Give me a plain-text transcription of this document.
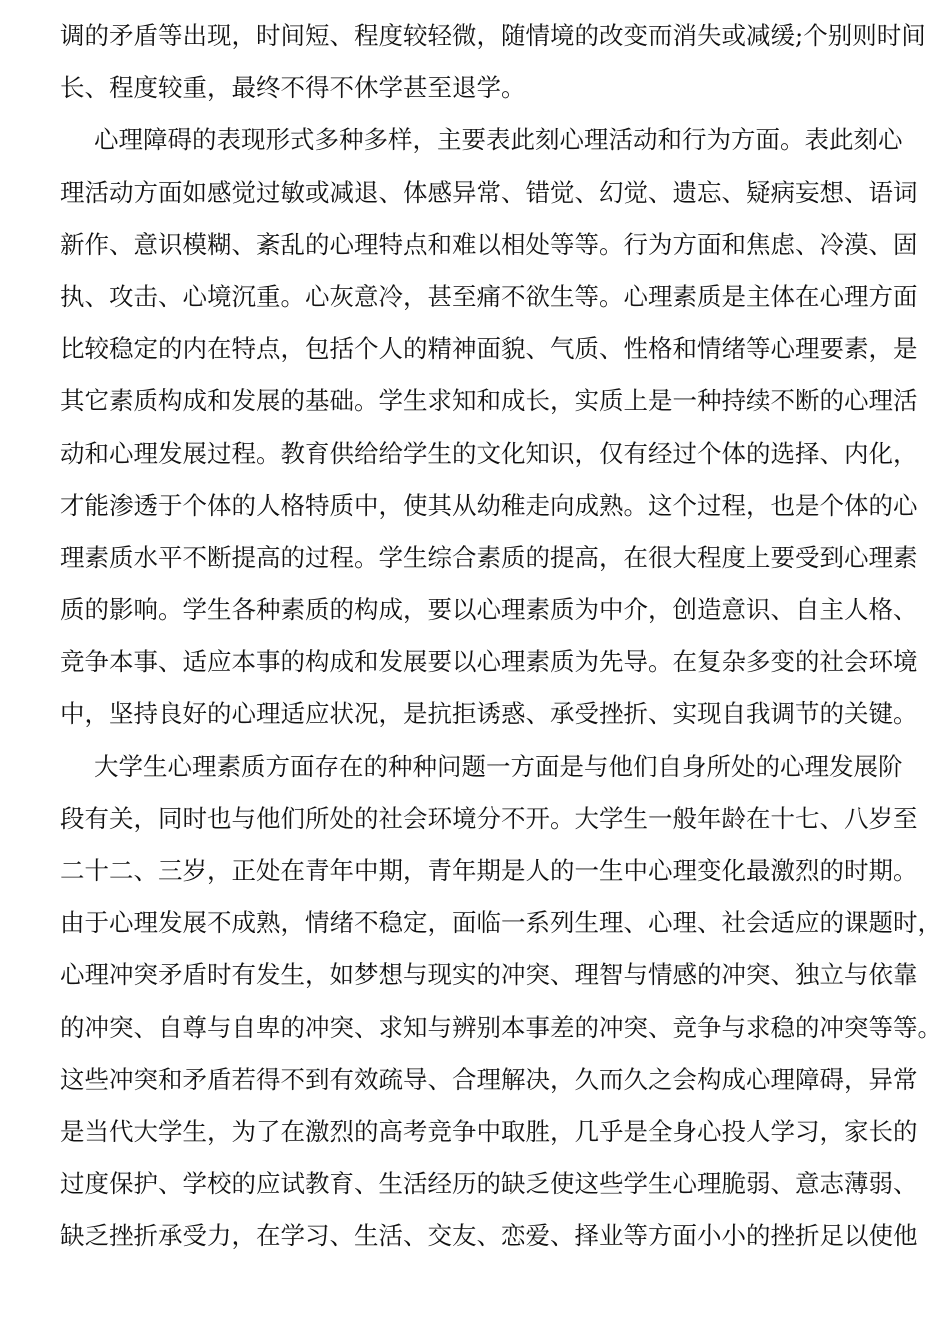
调的矛盾等出现，时间短、程度较轻微，随情境的改变而消失或减缓;个别则时间
长、程度较重，最终不得不休学甚至退学。
心理障碍的表现形式多种多样，主要表此刻心理活动和行为方面。表此刻心
理活动方面如感觉过敏或减退、体感异常、错觉、幻觉、遗忘、疑病妄想、语词
新作、意识模糊、紊乱的心理特点和难以相处等等。行为方面和焦虑、冷漠、固
执、攻击、心境沉重。心灰意冷，甚至痛不欲生等。心理素质是主体在心理方面
比较稳定的内在特点，包括个人的精神面貌、气质、性格和情绪等心理要素，是
其它素质构成和发展的基础。学生求知和成长，实质上是一种持续不断的心理活
动和心理发展过程。教育供给给学生的文化知识，仅有经过个体的选择、内化，
才能渗透于个体的人格特质中，使其从幼稚走向成熟。这个过程，也是个体的心
理素质水平不断提高的过程。学生综合素质的提高，在很大程度上要受到心理素
质的影响。学生各种素质的构成，要以心理素质为中介，创造意识、自主人格、
竞争本事、适应本事的构成和发展要以心理素质为先导。在复杂多变的社会环境
中，坚持良好的心理适应状况，是抗拒诱惑、承受挫折、实现自我调节的关键。
大学生心理素质方面存在的种种问题一方面是与他们自身所处的心理发展阶
段有关，同时也与他们所处的社会环境分不开。大学生一般年龄在十七、八岁至
二十二、三岁，正处在青年中期，青年期是人的一生中心理变化最激烈的时期。
由于心理发展不成熟，情绪不稳定，面临一系列生理、心理、社会适应的课题时，
心理冲突矛盾时有发生，如梦想与现实的冲突、理智与情感的冲突、独立与依靠
的冲突、自尊与自卑的冲突、求知与辨别本事差的冲突、竞争与求稳的冲突等等。
这些冲突和矛盾若得不到有效疏导、合理解决，久而久之会构成心理障碍，异常
是当代大学生，为了在激烈的高考竞争中取胜，几乎是全身心投人学习，家长的
过度保护、学校的应试教育、生活经历的缺乏使这些学生心理脆弱、意志薄弱、
缺乏挫折承受力，在学习、生活、交友、恋爱、择业等方面小小的挫折足以使他
